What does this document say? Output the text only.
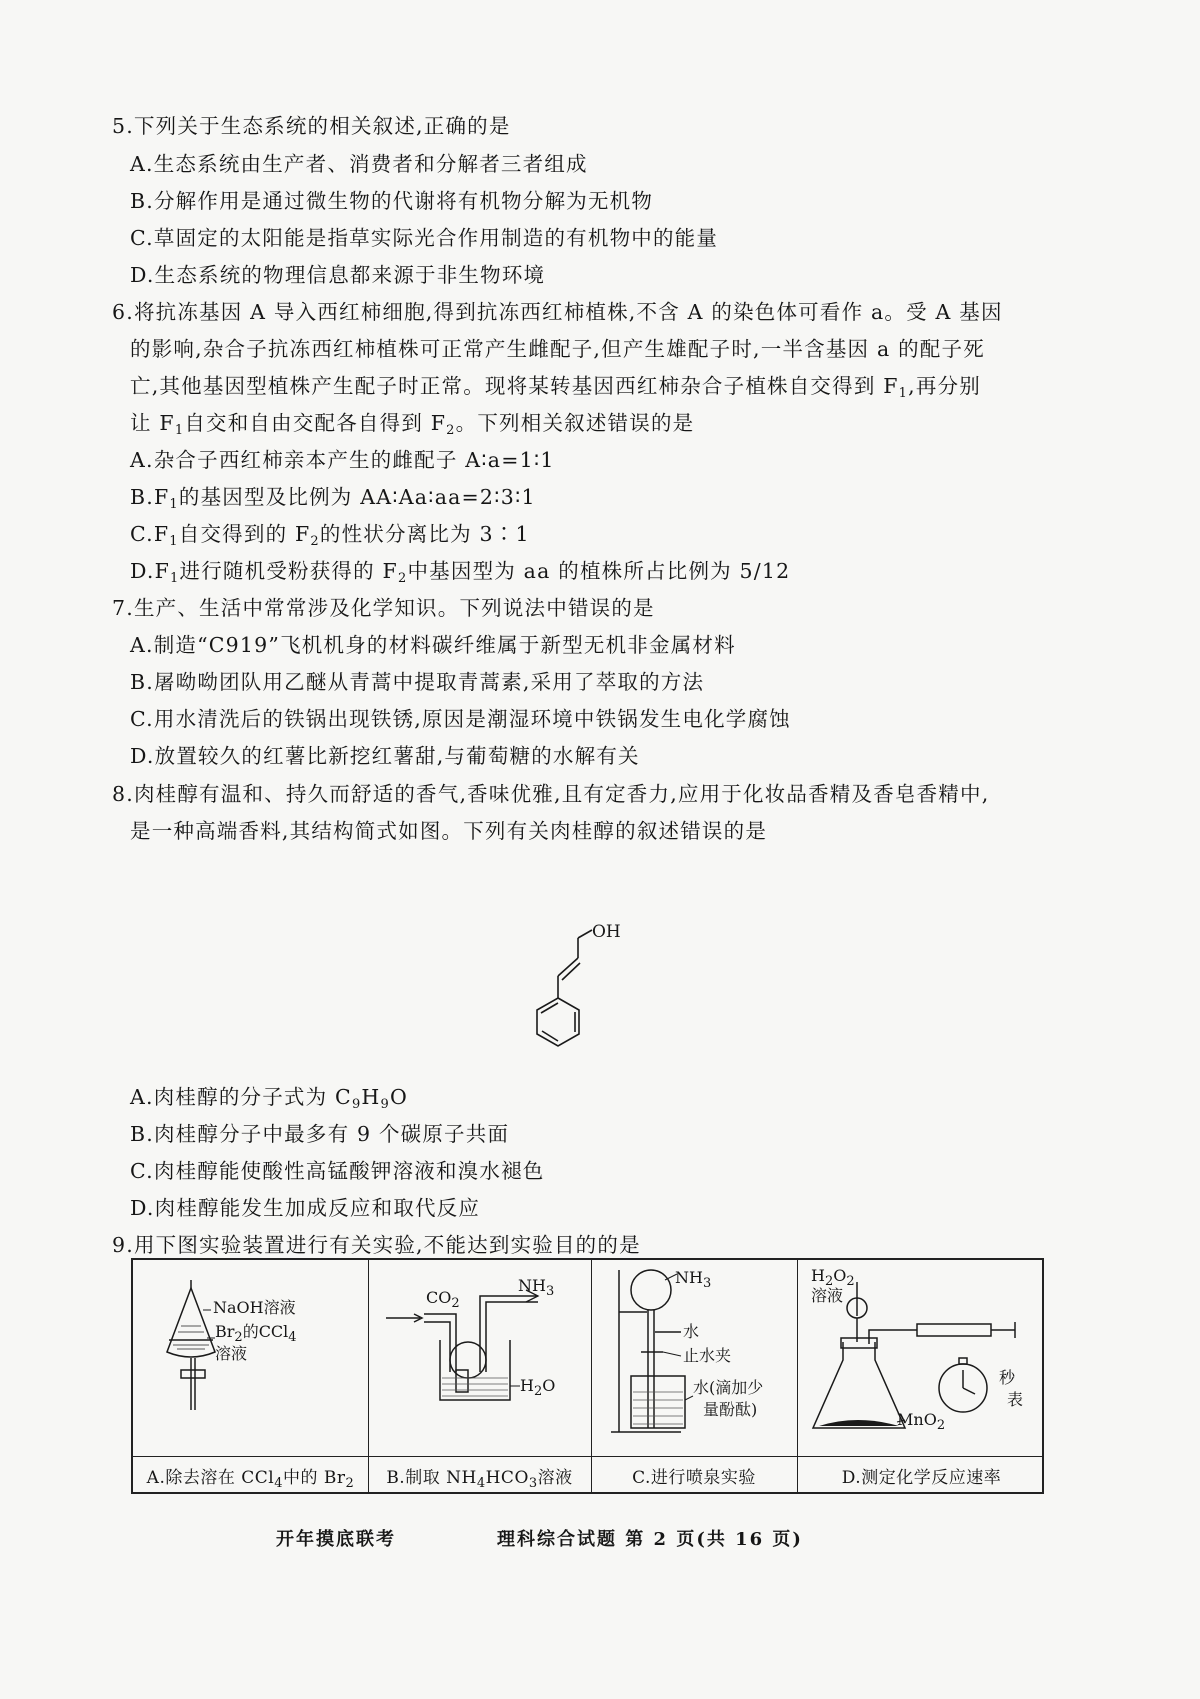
5.下列关于生态系统的相关叙述,正确的是
A.生态系统由生产者、消费者和分解者三者组成
B.分解作用是通过微生物的代谢将有机物分解为无机物
C.草固定的太阳能是指草实际光合作用制造的有机物中的能量
D.生态系统的物理信息都来源于非生物环境
6.将抗冻基因 A 导入西红柿细胞,得到抗冻西红柿植株,不含 A 的染色体可看作 a。受 A 基因
的影响,杂合子抗冻西红柿植株可正常产生雌配子,但产生雄配子时,一半含基因 a 的配子死
亡,其他基因型植株产生配子时正常。现将某转基因西红柿杂合子植株自交得到 $F_1$,再分别
让 $F_1$自交和自由交配各自得到 $F_2$。下列相关叙述错误的是
A.杂合子西红柿亲本产生的雌配子 A∶a=1∶1
$B.F_1$的基因型及比例为 AA∶Aa∶aa=2∶3∶1
$C.F_1$自交得到的 $F_2$的性状分离比为 3∶1
$D.F_1$进行随机受粉获得的 $F_2$中基因型为 aa 的植株所占比例为 5/12
7.生产、生活中常常涉及化学知识。下列说法中错误的是
A.制造“C919”飞机机身的材料碳纤维属于新型无机非金属材料
B.屠呦呦团队用乙醚从青蒿中提取青蒿素,采用了萃取的方法
C.用水清洗后的铁锅出现铁锈,原因是潮湿环境中铁锅发生电化学腐蚀
D.放置较久的红薯比新挖红薯甜,与葡萄糖的水解有关
8.肉桂醇有温和、持久而舒适的香气,香味优雅,且有定香力,应用于化妆品香精及香皂香精中,
是一种高端香料,其结构简式如图。下列有关肉桂醇的叙述错误的是
OH
A.肉桂醇的分子式为 $C_9H_9O$
B.肉桂醇分子中最多有 9 个碳原子共面
C.肉桂醇能使酸性高锰酸钾溶液和溴水褪色
D.肉桂醇能发生加成反应和取代反应
9.用下图实验装置进行有关实验,不能达到实验目的的是
NaOH溶液
$Br_2$的CCl$_4$
溶液
A.除去溶在 CCl$_4$中的 $Br_2$
$CO_2$
$NH_3$
$H_2O$
B.制取 $NH_4HCO_3$溶液
$NH_3$
水
止水夹
水(滴加少
量酚酞)
C.进行喷泉实验
$H_2O_2$
溶液
MnO$_2$
秒
表
D.测定化学反应速率
开年摸底联考	理科综合试题 第 2 页(共 16 页)
